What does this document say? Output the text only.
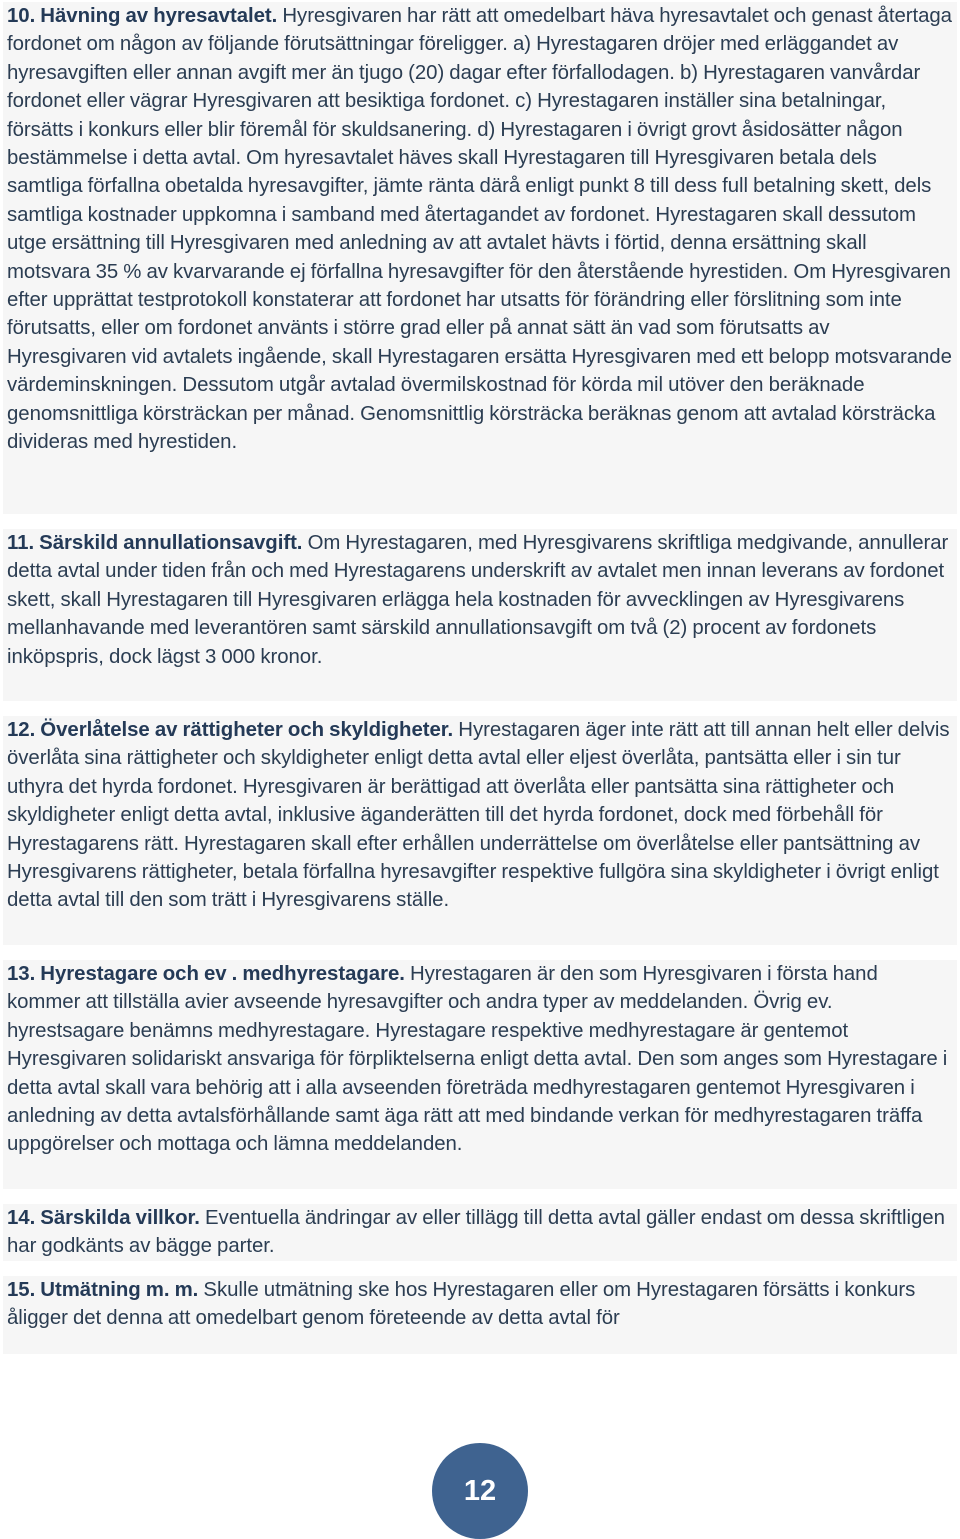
10. Hävning av hyresavtalet. Hyresgivaren har rätt att omedelbart häva hyresavtalet och genast återtaga fordonet om någon av följande förutsättningar föreligger. a) Hyrestagaren dröjer med erläggandet av hyresavgiften eller annan avgift mer än tjugo (20) dagar efter förfallodagen. b) Hyrestagaren vanvårdar fordonet eller vägrar Hyresgivaren att besiktiga fordonet. c) Hyrestagaren inställer sina betalningar, försätts i konkurs eller blir föremål för skuldsanering. d) Hyrestagaren i övrigt grovt åsidosätter någon bestämmelse i detta avtal. Om hyresavtalet häves skall Hyrestagaren till Hyresgivaren betala dels samtliga förfallna obetalda hyresavgifter, jämte ränta därå enligt punkt 8 till dess full betalning skett, dels samtliga kostnader uppkomna i samband med återtagandet av fordonet. Hyrestagaren skall dessutom utge ersättning till Hyresgivaren med anledning av att avtalet hävts i förtid, denna ersättning skall motsvara 35 % av kvarvarande ej förfallna hyresavgifter för den återstående hyrestiden. Om Hyresgivaren efter upprättat testprotokoll konstaterar att fordonet har utsatts för förändring eller förslitning som inte förutsatts, eller om fordonet använts i större grad eller på annat sätt än vad som förutsatts av Hyresgivaren vid avtalets ingående, skall Hyrestagaren ersätta Hyresgivaren med ett belopp motsvarande värdeminskningen. Dessutom utgår avtalad övermilskostnad för körda mil utöver den beräknade genomsnittliga körsträckan per månad. Genomsnittlig körsträcka beräknas genom att avtalad körsträcka divideras med hyrestiden.
11. Särskild annullationsavgift. Om Hyrestagaren, med Hyresgivarens skriftliga medgivande, annullerar detta avtal under tiden från och med Hyrestagarens underskrift av avtalet men innan leverans av fordonet skett, skall Hyrestagaren till Hyresgivaren erlägga hela kostnaden för avvecklingen av Hyresgivarens mellanhavande med leverantören samt särskild annullationsavgift om två (2) procent av fordonets inköpspris, dock lägst 3 000 kronor.
12. Överlåtelse av rättigheter och skyldigheter. Hyrestagaren äger inte rätt att till annan helt eller delvis överlåta sina rättigheter och skyldigheter enligt detta avtal eller eljest överlåta, pantsätta eller i sin tur uthyra det hyrda fordonet. Hyresgivaren är berättigad att överlåta eller pantsätta sina rättigheter och skyldigheter enligt detta avtal, inklusive äganderätten till det hyrda fordonet, dock med förbehåll för Hyrestagarens rätt. Hyrestagaren skall efter erhållen underrättelse om överlåtelse eller pantsättning av Hyresgivarens rättigheter, betala förfallna hyresavgifter respektive fullgöra sina skyldigheter i övrigt enligt detta avtal till den som trätt i Hyresgivarens ställe.
13. Hyrestagare och ev . medhyrestagare. Hyrestagaren är den som Hyresgivaren i första hand kommer att tillställa avier avseende hyresavgifter och andra typer av meddelanden. Övrig ev. hyrestsagare benämns medhyrestagare. Hyrestagare respektive medhyrestagare är gentemot Hyresgivaren solidariskt ansvariga för förpliktelserna enligt detta avtal. Den som anges som Hyrestagare i detta avtal skall vara behörig att i alla avseenden företräda medhyrestagaren gentemot Hyresgivaren i anledning av detta avtalsförhållande samt äga rätt att med bindande verkan för medhyrestagaren träffa uppgörelser och mottaga och lämna meddelanden.
14. Särskilda villkor. Eventuella ändringar av eller tillägg till detta avtal gäller endast om dessa skriftligen har godkänts av bägge parter.
15. Utmätning m. m. Skulle utmätning ske hos Hyrestagaren eller om Hyrestagaren försätts i konkurs åligger det denna att omedelbart genom företeende av detta avtal för
12
